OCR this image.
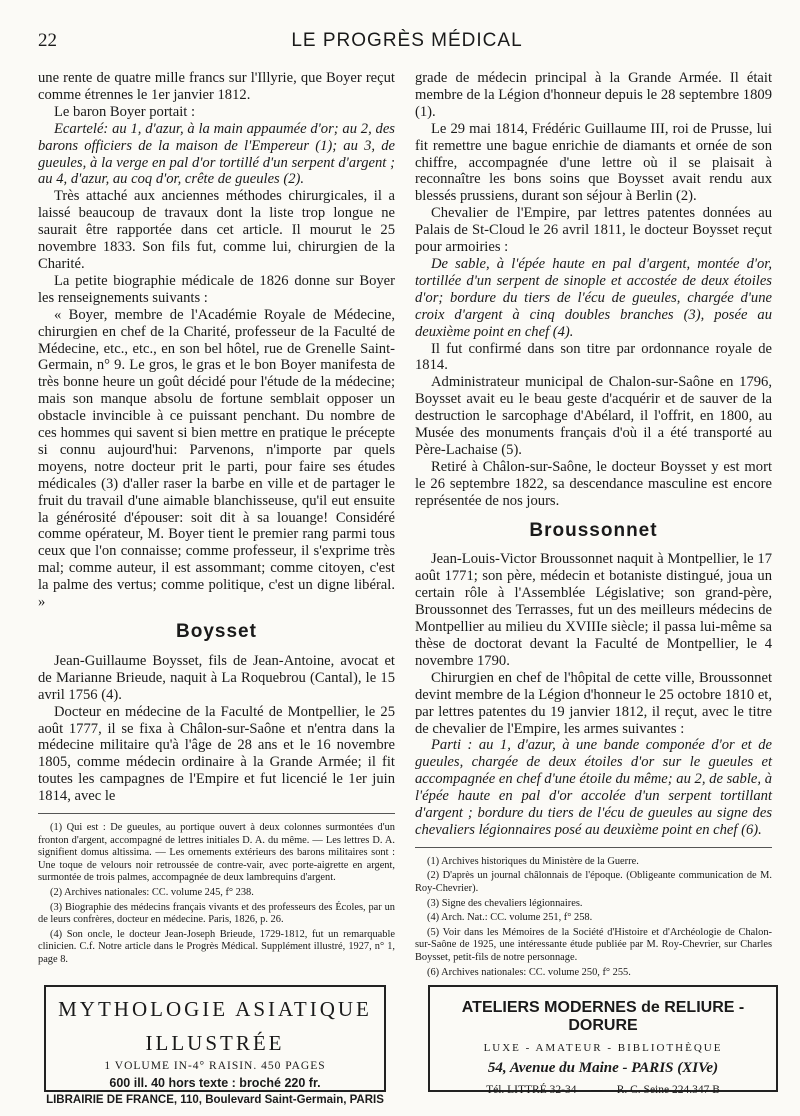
22	LE PROGRÈS MÉDICAL

une rente de quatre mille francs sur l'Illyrie, que Boyer reçut comme étrennes le 1er janvier 1812.

Le baron Boyer portait :

Ecartelé: au 1, d'azur, à la main appaumée d'or; au 2, des barons officiers de la maison de l'Empereur (1); au 3, de gueules, à la verge en pal d'or tortillé d'un serpent d'argent ; au 4, d'azur, au coq d'or, crête de gueules (2).

Très attaché aux anciennes méthodes chirurgicales, il a laissé beaucoup de travaux dont la liste trop longue ne saurait être rapportée dans cet article. Il mourut le 25 novembre 1833. Son fils fut, comme lui, chirurgien de la Charité.

La petite biographie médicale de 1826 donne sur Boyer les renseignements suivants :

« Boyer, membre de l'Académie Royale de Médecine, chirurgien en chef de la Charité, professeur de la Faculté de Médecine, etc., etc., en son bel hôtel, rue de Grenelle Saint-Germain, n° 9. Le gros, le gras et le bon Boyer manifesta de très bonne heure un goût décidé pour l'étude de la médecine; mais son manque absolu de fortune semblait opposer un obstacle invincible à ce puissant penchant. Du nombre de ces hommes qui savent si bien mettre en pratique le précepte si connu aujourd'hui: Parvenons, n'importe par quels moyens, notre docteur prit le parti, pour faire ses études médicales (3) d'aller raser la barbe en ville et de partager le fruit du travail d'une aimable blanchisseuse, qu'il eut ensuite la générosité d'épouser: soit dit à sa louange! Considéré comme opérateur, M. Boyer tient le premier rang parmi tous ceux que l'on connaisse; comme professeur, il s'exprime très mal; comme auteur, il est assommant; comme citoyen, c'est la palme des vertus; comme politique, c'est un digne libéral. »

Boysset

Jean-Guillaume Boysset, fils de Jean-Antoine, avocat et de Marianne Brieude, naquit à La Roquebrou (Cantal), le 15 avril 1756 (4).

Docteur en médecine de la Faculté de Montpellier, le 25 août 1777, il se fixa à Châlon-sur-Saône et n'entra dans la médecine militaire qu'à l'âge de 28 ans et le 16 novembre 1805, comme médecin ordinaire à la Grande Armée; il fit toutes les campagnes de l'Empire et fut licencié le 1er juin 1814, avec le

(1) Qui est : De gueules, au portique ouvert à deux colonnes surmontées d'un fronton d'argent, accompagné de lettres initiales D. A. du même. — Les lettres D. A. signifient domus altissima. — Les ornements extérieurs des barons militaires sont : Une toque de velours noir retroussée de contre-vair, avec porte-aigrette en argent, surmontée de trois palmes, accompagnée de deux lambrequins d'argent.

(2) Archives nationales: CC. volume 245, f° 238.

(3) Biographie des médecins français vivants et des professeurs des Écoles, par un de leurs confrères, docteur en médecine. Paris, 1826, p. 26.

(4) Son oncle, le docteur Jean-Joseph Brieude, 1729-1812, fut un remarquable clinicien. C.f. Notre article dans le Progrès Médical. Supplément illustré, 1927, n° 1, page 8.

grade de médecin principal à la Grande Armée. Il était membre de la Légion d'honneur depuis le 28 septembre 1809 (1).

Le 29 mai 1814, Frédéric Guillaume III, roi de Prusse, lui fit remettre une bague enrichie de diamants et ornée de son chiffre, accompagnée d'une lettre où il se plaisait à reconnaître les bons soins que Boysset avait rendu aux blessés prussiens, durant son séjour à Berlin (2).

Chevalier de l'Empire, par lettres patentes données au Palais de St-Cloud le 26 avril 1811, le docteur Boysset reçut pour armoiries :

De sable, à l'épée haute en pal d'argent, montée d'or, tortillée d'un serpent de sinople et accostée de deux étoiles d'or; bordure du tiers de l'écu de gueules, chargée d'une croix d'argent à cinq doubles branches (3), posée au deuxième point en chef (4).

Il fut confirmé dans son titre par ordonnance royale de 1814.

Administrateur municipal de Chalon-sur-Saône en 1796, Boysset avait eu le beau geste d'acquérir et de sauver de la destruction le sarcophage d'Abélard, il l'offrit, en 1800, au Musée des monuments français d'où il a été transporté au Père-Lachaise (5).

Retiré à Châlon-sur-Saône, le docteur Boysset y est mort le 26 septembre 1822, sa descendance masculine est encore représentée de nos jours.

Broussonnet

Jean-Louis-Victor Broussonnet naquit à Montpellier, le 17 août 1771; son père, médecin et botaniste distingué, joua un certain rôle à l'Assemblée Législative; son grand-père, Broussonnet des Terrasses, fut un des meilleurs médecins de Montpellier au milieu du XVIIIe siècle; il passa lui-même sa thèse de doctorat devant la Faculté de Montpellier, le 4 novembre 1790.

Chirurgien en chef de l'hôpital de cette ville, Broussonnet devint membre de la Légion d'honneur le 25 octobre 1810 et, par lettres patentes du 19 janvier 1812, il reçut, avec le titre de chevalier de l'Empire, les armes suivantes :

Parti : au 1, d'azur, à une bande componée d'or et de gueules, chargée de deux étoiles d'or sur le gueules et accompagnée en chef d'une étoile du même; au 2, de sable, à l'épée haute en pal d'or accolée d'un serpent tortillant d'argent ; bordure du tiers de l'écu de gueules au signe des chevaliers légionnaires posé au deuxième point en chef (6).

(1) Archives historiques du Ministère de la Guerre.

(2) D'après un journal châlonnais de l'époque. (Obligeante communication de M. Roy-Chevrier).

(3) Signe des chevaliers légionnaires.

(4) Arch. Nat.: CC. volume 251, f° 258.

(5) Voir dans les Mémoires de la Société d'Histoire et d'Archéologie de Chalon-sur-Saône de 1925, une intéressante étude publiée par M. Roy-Chevrier, sur Charles Boysset, petit-fils de notre personnage.

(6) Archives nationales: CC. volume 250, f° 255.

MYTHOLOGIE ASIATIQUE
ILLUSTRÉE
1 VOLUME IN-4° RAISIN. 450 PAGES
600 ill. 40 hors texte : broché 220 fr.
LIBRAIRIE DE FRANCE, 110, Boulevard Saint-Germain, PARIS
ATELIERS MODERNES de RELIURE - DORURE
LUXE - AMATEUR - BIBLIOTHÈQUE
54, Avenue du Maine - PARIS (XIVe)
Tél. LITTRÉ 32-34 — R. C. Seine 224.347 B
